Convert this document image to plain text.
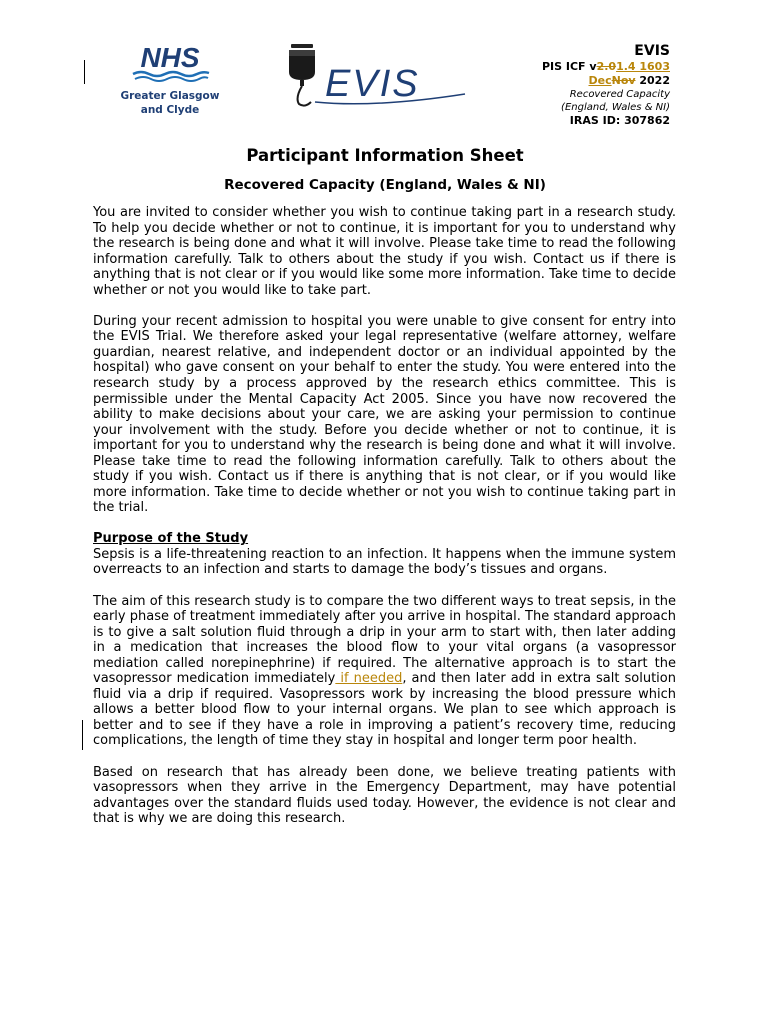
NHS
Greater Glasgow
and Clyde
EVIS
EVIS
PIS ICF v2.01.4 1603
DecNov 2022
Recovered Capacity
(England, Wales & NI)
IRAS ID: 307862
Participant Information Sheet
Recovered Capacity (England, Wales & NI)

You are invited to consider whether you wish to continue taking part in a research study. To help you decide whether or not to continue, it is important for you to understand why the research is being done and what it will involve. Please take time to read the following information carefully. Talk to others about the study if you wish. Contact us if there is anything that is not clear or if you would like some more information. Take time to decide whether or not you would like to take part.

During your recent admission to hospital you were unable to give consent for entry into the EVIS Trial. We therefore asked your legal representative (welfare attorney, welfare guardian, nearest relative, and independent doctor or an individual appointed by the hospital) who gave consent on your behalf to enter the study. You were entered into the research study by a process approved by the research ethics committee. This is permissible under the Mental Capacity Act 2005. Since you have now recovered the ability to make decisions about your care, we are asking your permission to continue your involvement with the study. Before you decide whether or not to continue, it is important for you to understand why the research is being done and what it will involve. Please take time to read the following information carefully. Talk to others about the study if you wish. Contact us if there is anything that is not clear, or if you would like more information. Take time to decide whether or not you wish to continue taking part in the trial.

Purpose of the Study
Sepsis is a life-threatening reaction to an infection. It happens when the immune system overreacts to an infection and starts to damage the body’s tissues and organs.

The aim of this research study is to compare the two different ways to treat sepsis, in the early phase of treatment immediately after you arrive in hospital. The standard approach is to give a salt solution fluid through a drip in your arm to start with, then later adding in a medication that increases the blood flow to your vital organs (a vasopressor mediation called norepinephrine) if required. The alternative approach is to start the vasopressor medication immediately if needed, and then later add in extra salt solution fluid via a drip if required. Vasopressors work by increasing the blood pressure which allows a better blood flow to your internal organs. We plan to see which approach is better and to see if they have a role in improving a patient’s recovery time, reducing complications, the length of time they stay in hospital and longer term poor health.

Based on research that has already been done, we believe treating patients with vasopressors when they arrive in the Emergency Department, may have potential advantages over the standard fluids used today. However, the evidence is not clear and that is why we are doing this research.
